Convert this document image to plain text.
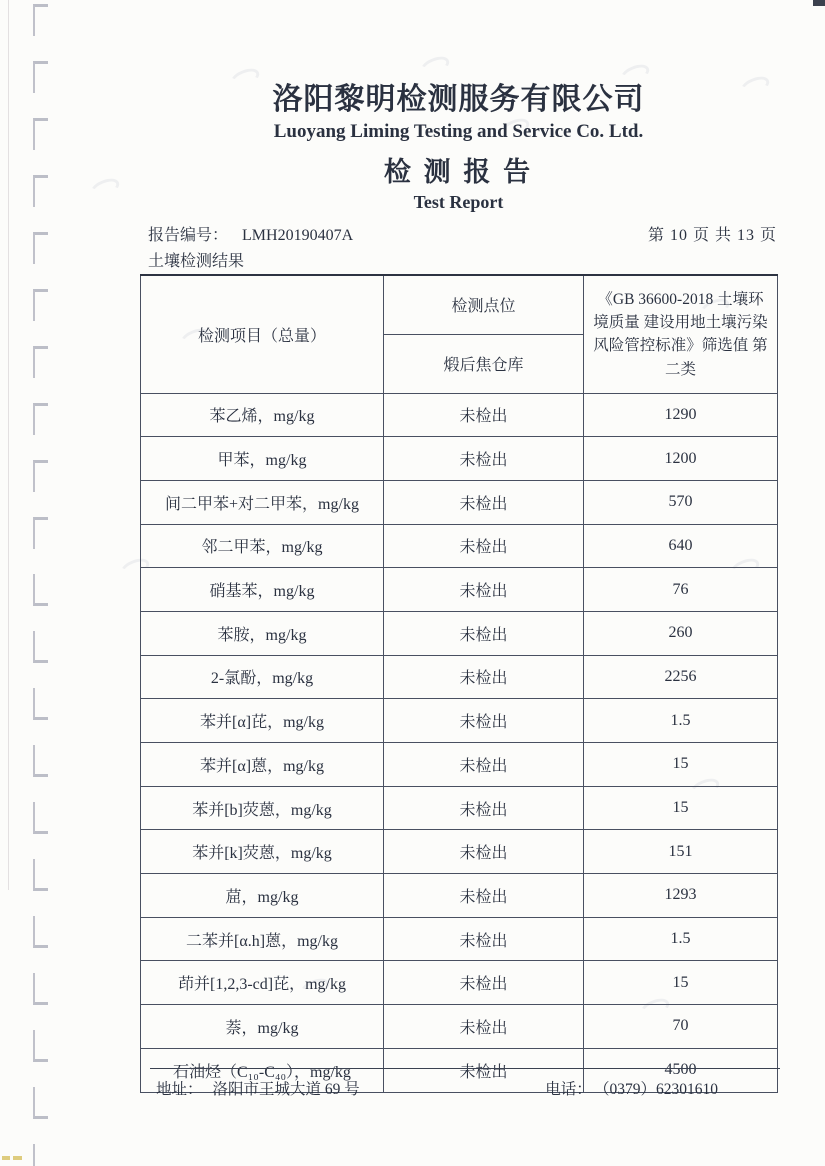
洛阳黎明检测服务有限公司
Luoyang Liming Testing and Service Co. Ltd.
检 测 报 告
Test Report
报告编号： LMH20190407A	第 10 页 共 13 页
土壤检测结果
检测项目（总量）	检测点位	《GB 36600-2018 土壤环境质量 建设用地土壤污染风险管控标准》筛选值 第二类
	煅后焦仓库	
苯乙烯，mg/kg	未检出	1290
甲苯，mg/kg	未检出	1200
间二甲苯+对二甲苯，mg/kg	未检出	570
邻二甲苯，mg/kg	未检出	640
硝基苯，mg/kg	未检出	76
苯胺，mg/kg	未检出	260
2-氯酚，mg/kg	未检出	2256
苯并[α]芘，mg/kg	未检出	1.5
苯并[α]蒽，mg/kg	未检出	15
苯并[b]荧蒽，mg/kg	未检出	15
苯并[k]荧蒽，mg/kg	未检出	151
䓛，mg/kg	未检出	1293
二苯并[α.h]蒽，mg/kg	未检出	1.5
茚并[1,2,3-cd]芘，mg/kg	未检出	15
萘，mg/kg	未检出	70
石油烃（C₁₀-C₄₀），mg/kg	未检出	4500
地址： 洛阳市王城大道 69 号	电话： （0379）62301610
